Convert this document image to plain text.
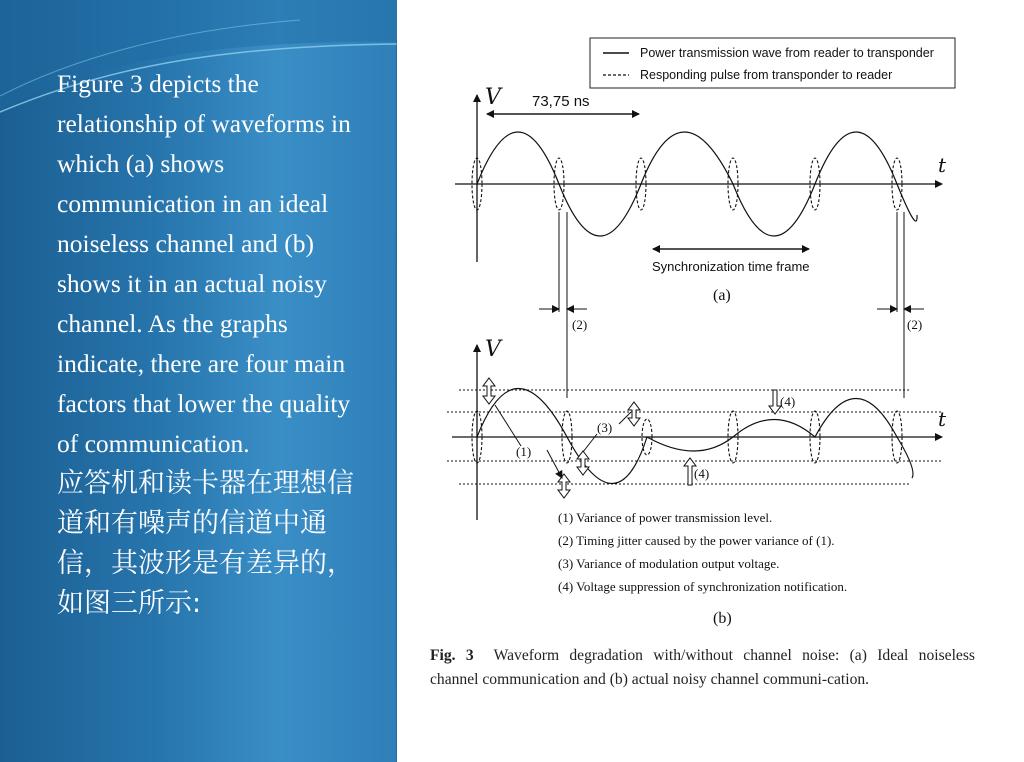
Figure 3 depicts the relationship of waveforms in which (a) shows communication in an ideal noiseless channel and (b) shows it in an actual noisy channel. As the graphs indicate, there are four main factors that lower the quality of communication.

应答机和读卡器在理想信道和有噪声的信道中通信，其波形是有差异的，如图三所示:

Power transmission wave from reader to transponder
Responding pulse from transponder to reader
V
t
73,75 ns
Synchronization time frame
(a)
(2)	(2)
V
t
(1)
(3)
(4)
(4)
(1) Variance of power transmission level.
(2) Timing jitter caused by the power variance of (1).
(3) Variance of modulation output voltage.
(4) Voltage suppression of synchronization notification.
(b)
Fig. 3 Waveform degradation with/without channel noise: (a) Ideal noiseless channel communication and (b) actual noisy channel communi-cation.
